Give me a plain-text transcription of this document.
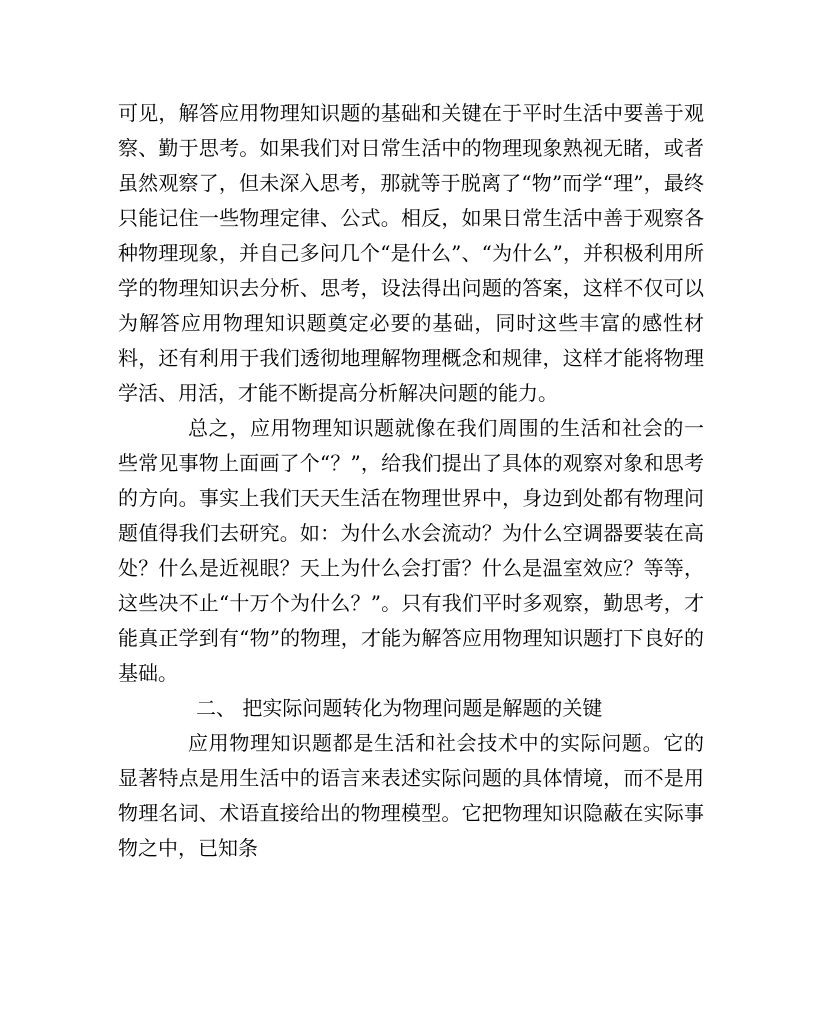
可见，解答应用物理知识题的基础和关键在于平时生活中要善于观察、勤于思考。如果我们对日常生活中的物理现象熟视无睹，或者虽然观察了，但未深入思考，那就等于脱离了“物”而学“理”，最终只能记住一些物理定律、公式。相反，如果日常生活中善于观察各种物理现象，并自己多问几个“是什么”、“为什么”，并积极利用所学的物理知识去分析、思考，设法得出问题的答案，这样不仅可以为解答应用物理知识题奠定必要的基础，同时这些丰富的感性材料，还有利用于我们透彻地理解物理概念和规律，这样才能将物理学活、用活，才能不断提高分析解决问题的能力。

总之，应用物理知识题就像在我们周围的生活和社会的一些常见事物上面画了个“？”，给我们提出了具体的观察对象和思考的方向。事实上我们天天生活在物理世界中，身边到处都有物理问题值得我们去研究。如：为什么水会流动？为什么空调器要装在高处？什么是近视眼？天上为什么会打雷？什么是温室效应？等等，这些决不止“十万个为什么？”。只有我们平时多观察，勤思考，才能真正学到有“物”的物理，才能为解答应用物理知识题打下良好的基础。

二、 把实际问题转化为物理问题是解题的关键

应用物理知识题都是生活和社会技术中的实际问题。它的显著特点是用生活中的语言来表述实际问题的具体情境，而不是用物理名词、术语直接给出的物理模型。它把物理知识隐蔽在实际事物之中，已知条
